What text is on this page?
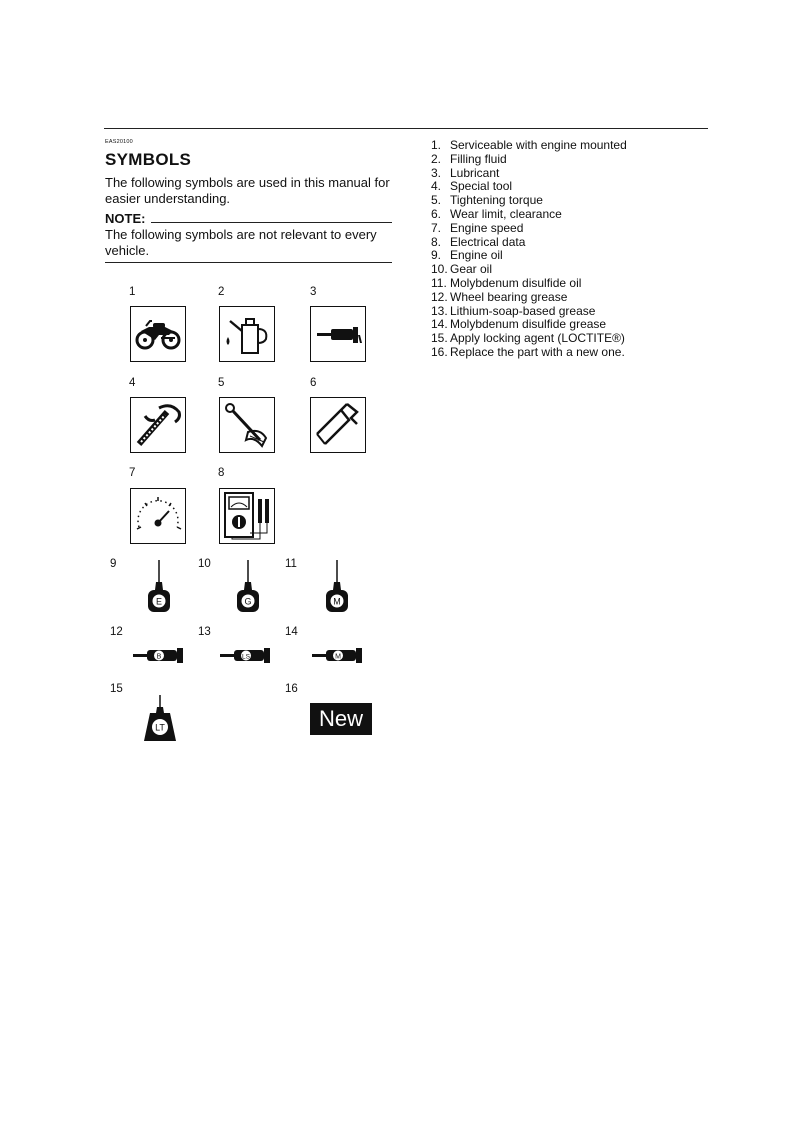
EAS20100
SYMBOLS
The following symbols are used in this manual for easier understanding.
NOTE:
The following symbols are not relevant to every vehicle.
1	2	3
4	5	6
7	8
9	10	11
E	G	M
12	13	14
B	LS	M
15	16
LT	New
1. Serviceable with engine mounted
2. Filling fluid
3. Lubricant
4. Special tool
5. Tightening torque
6. Wear limit, clearance
7. Engine speed
8. Electrical data
9. Engine oil
10. Gear oil
11. Molybdenum disulfide oil
12. Wheel bearing grease
13. Lithium-soap-based grease
14. Molybdenum disulfide grease
15. Apply locking agent (LOCTITE®)
16. Replace the part with a new one.
